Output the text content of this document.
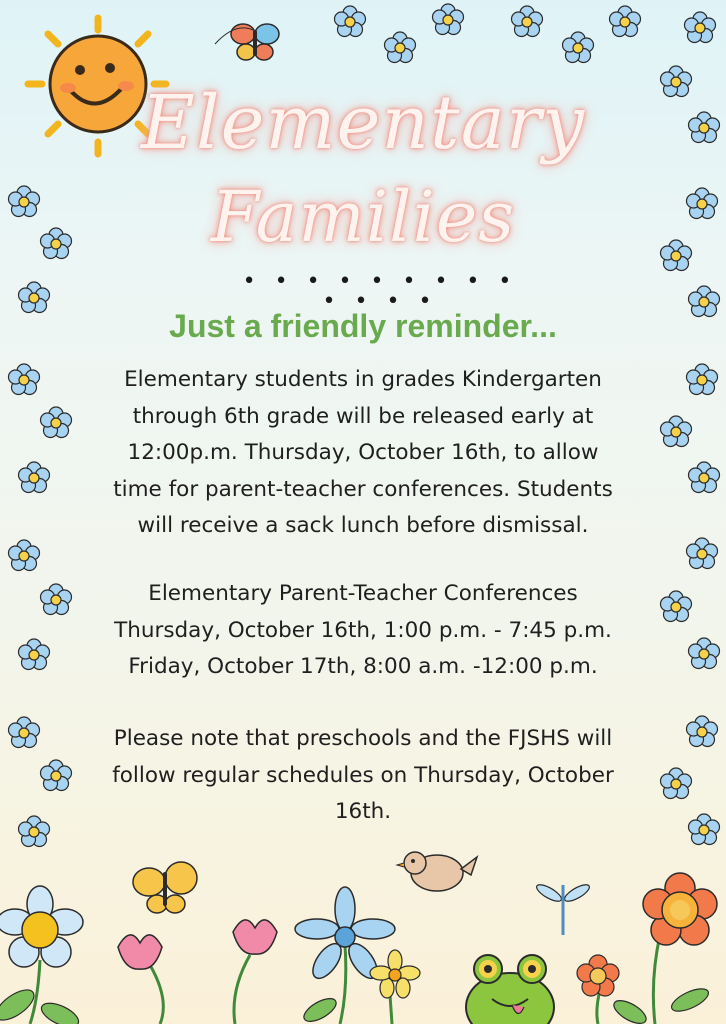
Elementary
Families
• • • • • • • • • • • • •
Just a friendly reminder...
Elementary students in grades Kindergarten
through 6th grade will be released early at
12:00p.m. Thursday, October 16th, to allow
time for parent-teacher conferences. Students
will receive a sack lunch before dismissal.
Elementary Parent-Teacher Conferences
Thursday, October 16th, 1:00 p.m. - 7:45 p.m.
Friday, October 17th, 8:00 a.m. -12:00 p.m.
Please note that preschools and the FJSHS will
follow regular schedules on Thursday, October
16th.
